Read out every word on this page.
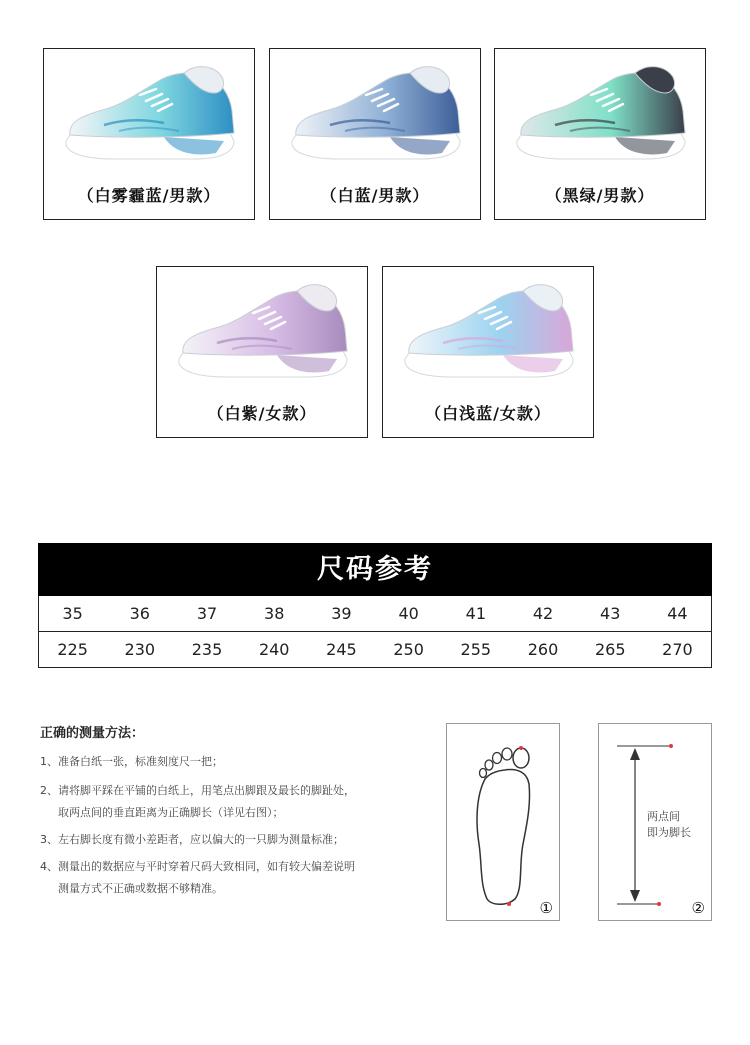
（白雾霾蓝/男款）	（白蓝/男款）	（黑绿/男款）
（白紫/女款）	（白浅蓝/女款）
尺码参考
35	36	37	38	39	40	41	42	43	44
225	230	235	240	245	250	255	260	265	270
正确的测量方法：
1、准备白纸一张，标准刻度尺一把；
2、请将脚平踩在平铺的白纸上，用笔点出脚跟及最长的脚趾处，
取两点间的垂直距离为正确脚长（详见右图）；
3、左右脚长度有微小差距者，应以偏大的一只脚为测量标准；
4、测量出的数据应与平时穿着尺码大致相同，如有较大偏差说明
测量方式不正确或数据不够精准。
①
两点间
即为脚长
②
